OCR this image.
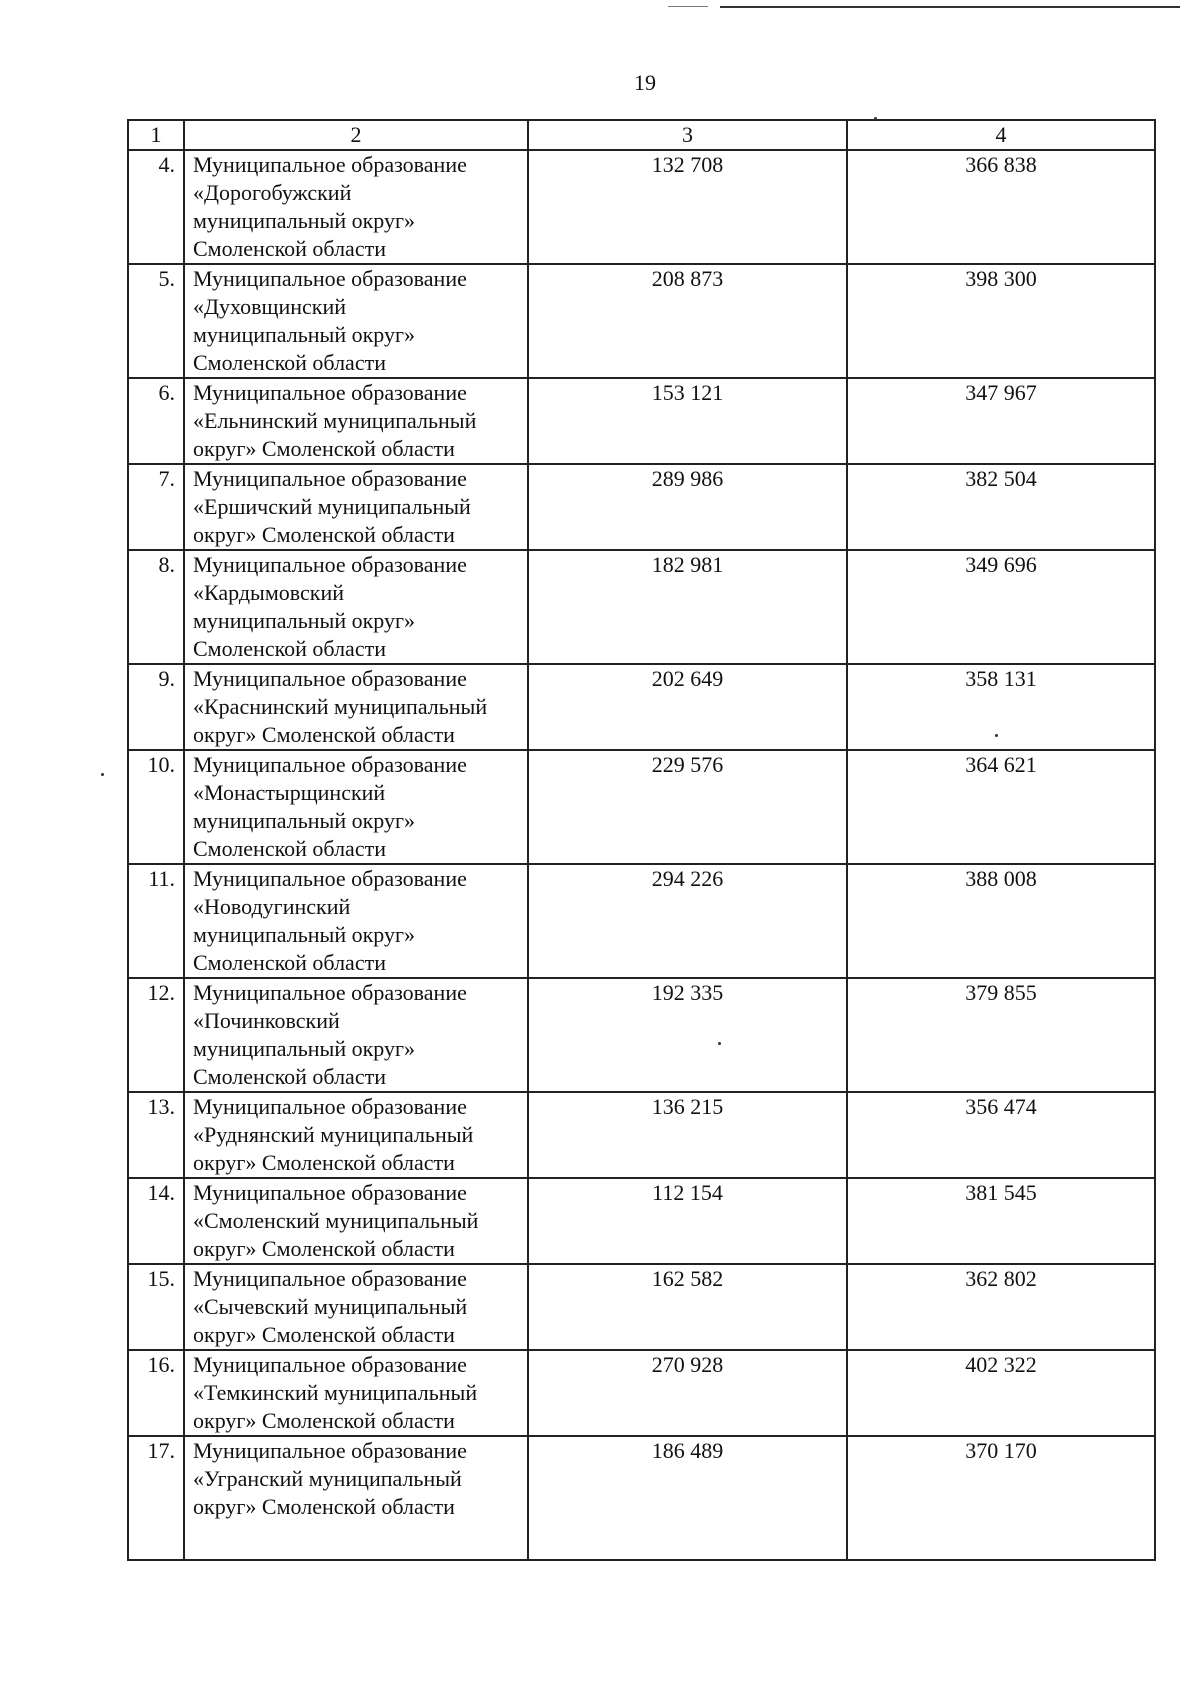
19
1	2	3	4
4.	Муниципальное образование
«Дорогобужский
муниципальный округ»
Смоленской области	132 708	366 838
5.	Муниципальное образование
«Духовщинский
муниципальный округ»
Смоленской области	208 873	398 300
6.	Муниципальное образование
«Ельнинский муниципальный
округ» Смоленской области	153 121	347 967
7.	Муниципальное образование
«Ершичский муниципальный
округ» Смоленской области	289 986	382 504
8.	Муниципальное образование
«Кардымовский
муниципальный округ»
Смоленской области	182 981	349 696
9.	Муниципальное образование
«Краснинский муниципальный
округ» Смоленской области	202 649	358 131
10.	Муниципальное образование
«Монастырщинский
муниципальный округ»
Смоленской области	229 576	364 621
11.	Муниципальное образование
«Новодугинский
муниципальный округ»
Смоленской области	294 226	388 008
12.	Муниципальное образование
«Починковский
муниципальный округ»
Смоленской области	192 335	379 855
13.	Муниципальное образование
«Руднянский муниципальный
округ» Смоленской области	136 215	356 474
14.	Муниципальное образование
«Смоленский муниципальный
округ» Смоленской области	112 154	381 545
15.	Муниципальное образование
«Сычевский муниципальный
округ» Смоленской области	162 582	362 802
16.	Муниципальное образование
«Темкинский муниципальный
округ» Смоленской области	270 928	402 322
17.	Муниципальное образование
«Угранский муниципальный
округ» Смоленской области	186 489	370 170
